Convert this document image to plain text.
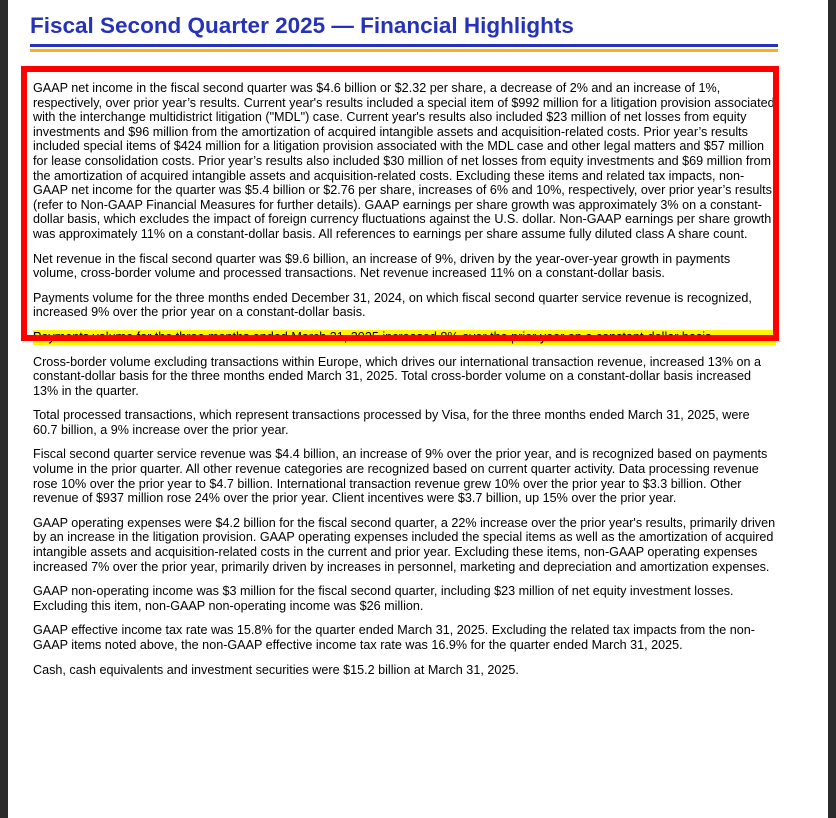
Fiscal Second Quarter 2025 — Financial Highlights

GAAP net income in the fiscal second quarter was $4.6 billion or $2.32 per share, a decrease of 2% and an increase of 1%, respectively, over prior year’s results. Current year's results included a special item of $992 million for a litigation provision associated with the interchange multidistrict litigation ("MDL") case. Current year's results also included $23 million of net losses from equity investments and $96 million from the amortization of acquired intangible assets and acquisition-related costs. Prior year’s results included special items of $424 million for a litigation provision associated with the MDL case and other legal matters and $57 million for lease consolidation costs. Prior year’s results also included $30 million of net losses from equity investments and $69 million from the amortization of acquired intangible assets and acquisition-related costs. Excluding these items and related tax impacts, non-GAAP net income for the quarter was $5.4 billion or $2.76 per share, increases of 6% and 10%, respectively, over prior year’s results (refer to Non-GAAP Financial Measures for further details). GAAP earnings per share growth was approximately 3% on a constant-dollar basis, which excludes the impact of foreign currency fluctuations against the U.S. dollar. Non-GAAP earnings per share growth was approximately 11% on a constant-dollar basis. All references to earnings per share assume fully diluted class A share count.

Net revenue in the fiscal second quarter was $9.6 billion, an increase of 9%, driven by the year-over-year growth in payments volume, cross-border volume and processed transactions. Net revenue increased 11% on a constant-dollar basis.

Payments volume for the three months ended December 31, 2024, on which fiscal second quarter service revenue is recognized, increased 9% over the prior year on a constant-dollar basis.

Payments volume for the three months ended March 31, 2025 increased 8% over the prior year on a constant-dollar basis.

Cross-border volume excluding transactions within Europe, which drives our international transaction revenue, increased 13% on a constant-dollar basis for the three months ended March 31, 2025. Total cross-border volume on a constant-dollar basis increased 13% in the quarter.

Total processed transactions, which represent transactions processed by Visa, for the three months ended March 31, 2025, were 60.7 billion, a 9% increase over the prior year.

Fiscal second quarter service revenue was $4.4 billion, an increase of 9% over the prior year, and is recognized based on payments volume in the prior quarter. All other revenue categories are recognized based on current quarter activity. Data processing revenue rose 10% over the prior year to $4.7 billion. International transaction revenue grew 10% over the prior year to $3.3 billion. Other revenue of $937 million rose 24% over the prior year. Client incentives were $3.7 billion, up 15% over the prior year.

GAAP operating expenses were $4.2 billion for the fiscal second quarter, a 22% increase over the prior year's results, primarily driven by an increase in the litigation provision. GAAP operating expenses included the special items as well as the amortization of acquired intangible assets and acquisition-related costs in the current and prior year. Excluding these items, non-GAAP operating expenses increased 7% over the prior year, primarily driven by increases in personnel, marketing and depreciation and amortization expenses.

GAAP non-operating income was $3 million for the fiscal second quarter, including $23 million of net equity investment losses. Excluding this item, non-GAAP non-operating income was $26 million.

GAAP effective income tax rate was 15.8% for the quarter ended March 31, 2025. Excluding the related tax impacts from the non-GAAP items noted above, the non-GAAP effective income tax rate was 16.9% for the quarter ended March 31, 2025.

Cash, cash equivalents and investment securities were $15.2 billion at March 31, 2025.
